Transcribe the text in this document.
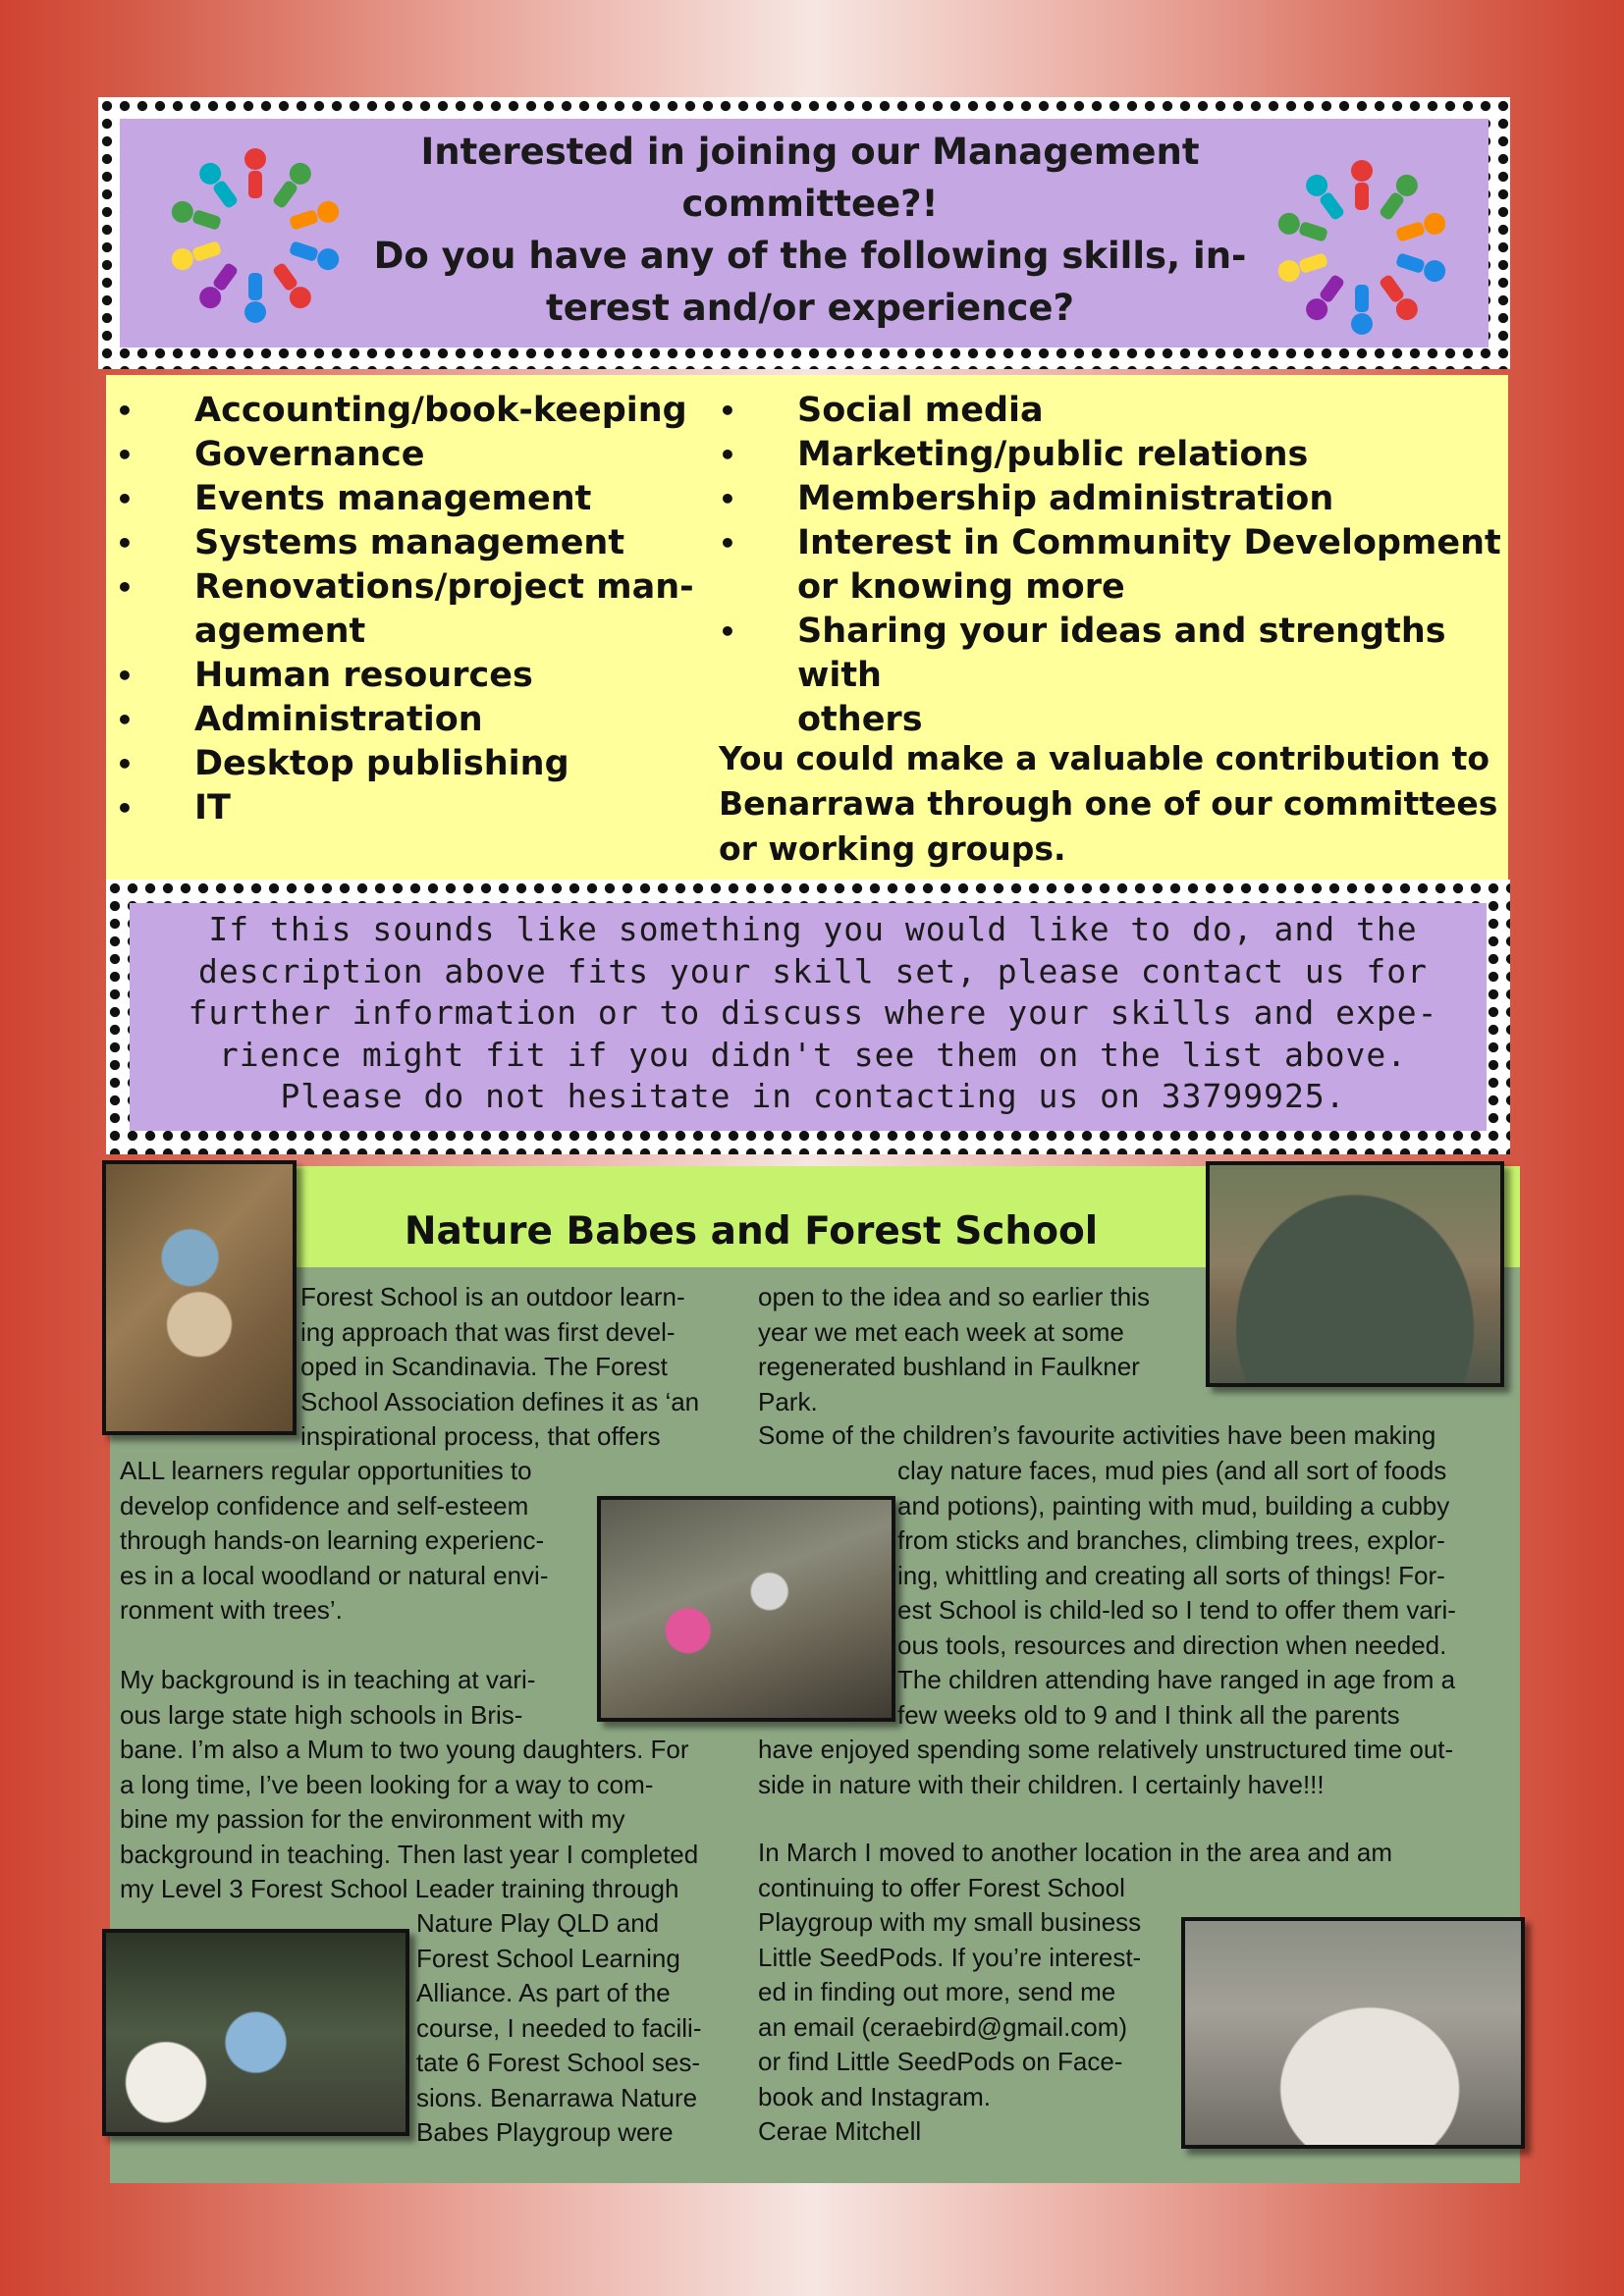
Interested in joining our Management
committee?!
Do you have any of the following skills, in-
terest and/or experience?
• Accounting/book-keeping
• Governance
• Events management
• Systems management
• Renovations/project man-
agement
• Human resources
• Administration
• Desktop publishing
• IT
• Social media
• Marketing/public relations
• Membership administration
• Interest in Community Development
or knowing more
• Sharing your ideas and strengths with
others
You could make a valuable contribution to
Benarrawa through one of our committees
or working groups.
If this sounds like something you would like to do, and the
description above fits your skill set, please contact us for
further information or to discuss where your skills and expe-
rience might fit if you didn't see them on the list above.
Please do not hesitate in contacting us on 33799925.
Nature Babes and Forest School
Forest School is an outdoor learn-
ing approach that was first devel-
oped in Scandinavia. The Forest
School Association defines it as ‘an
inspirational process, that offers
ALL learners regular opportunities to
develop confidence and self-esteem
through hands-on learning experienc-
es in a local woodland or natural envi-
ronment with trees’.
My background is in teaching at vari-
ous large state high schools in Bris-
bane. I’m also a Mum to two young daughters. For
a long time, I’ve been looking for a way to com-
bine my passion for the environment with my
background in teaching. Then last year I completed
my Level 3 Forest School Leader training through
Nature Play QLD and
Forest School Learning
Alliance. As part of the
course, I needed to facili-
tate 6 Forest School ses-
sions. Benarrawa Nature
Babes Playgroup were
open to the idea and so earlier this
year we met each week at some
regenerated bushland in Faulkner
Park.
Some of the children’s favourite activities have been making
clay nature faces, mud pies (and all sort of foods
and potions), painting with mud, building a cubby
from sticks and branches, climbing trees, explor-
ing, whittling and creating all sorts of things! For-
est School is child-led so I tend to offer them vari-
ous tools, resources and direction when needed.
The children attending have ranged in age from a
few weeks old to 9 and I think all the parents
have enjoyed spending some relatively unstructured time out-
side in nature with their children. I certainly have!!!
In March I moved to another location in the area and am
continuing to offer Forest School
Playgroup with my small business
Little SeedPods. If you’re interest-
ed in finding out more, send me
an email (ceraebird@gmail.com)
or find Little SeedPods on Face-
book and Instagram.
Cerae Mitchell
